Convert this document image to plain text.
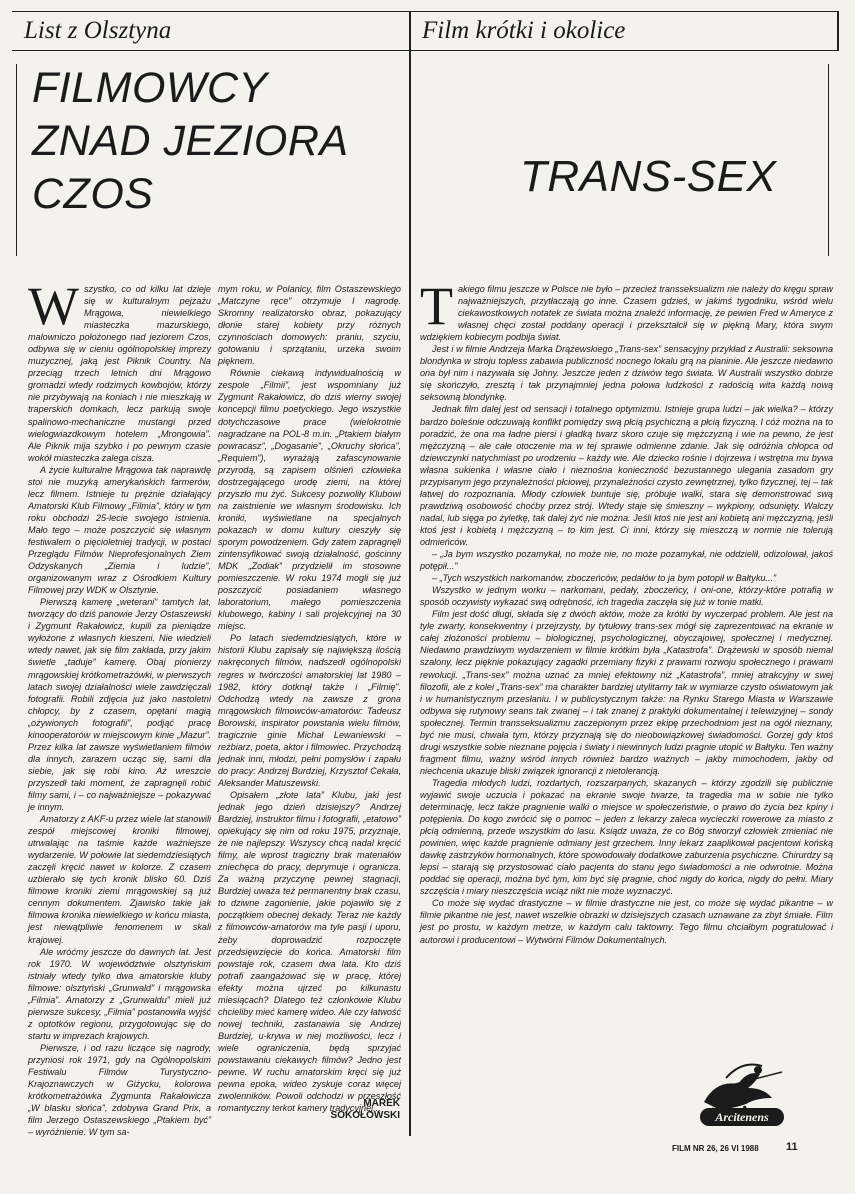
List z Olsztyna	Film krótki i okolice
FILMOWCY
ZNAD JEZIORA
CZOS	TRANS-SEX

Wszystko, co od kilku lat dzieje się w kulturalnym pejzażu Mrągowa, niewielkiego miasteczka mazurskiego, malowniczo położonego nad jeziorem Czos, odbywa się w cieniu ogólnopolskiej imprezy muzycznej, jaką jest Piknik Country. Na przeciąg trzech letnich dni Mrągowo gromadzi wtedy rodzimych kowbojów, którzy nie przybywają na koniach i nie mieszkają w traperskich domkach, lecz parkują swoje spalinowo-mechaniczne mustangi przed wielogwiazdkowym hotelem „Mrongowia”. Ale Piknik mija szybko i po pewnym czasie wokół miasteczka zalega cisza.

A życie kulturalne Mrągowa tak naprawdę stoi nie muzyką amerykańskich farmerów, lecz filmem. Istnieje tu prężnie działający Amatorski Klub Filmowy „Filmia”, który w tym roku obchodzi 25-lecie swojego istnienia. Mało tego – może poszczycić się własnym festiwalem o pięcioletniej tradycji, w postaci Przeglądu Filmów Nieprofesjonalnych Ziem Odzyskanych „Ziemia i ludzie”, organizowanym wraz z Ośrodkiem Kultury Filmowej przy WDK w Olsztynie.

Pierwszą kamerę „weterani” tamtych lat, tworzący do dziś panowie Jerzy Ostaszewski i Zygmunt Rakałowicz, kupili za pieniądze wyłożone z własnych kieszeni. Nie wiedzieli wtedy nawet, jak się film zakłada, przy jakim świetle „taduje” kamerę. Obaj pionierzy mrągowskiej krótkometrażówki, w pierwszych latach swojej działalności wiele zawdzięczali fotografii. Robili zdjęcia już jako nastoletni chłopcy, by z czasem, opętani magią „ożywionych fotografii”, podjąć pracę kinooperatorów w miejscowym kinie „Mazur”. Przez kilka lat zawsze wyświetlaniem filmów dla innych, zarazem ucząc się, sami dla siebie, jak się robi kino. Aż wreszcie przyszedł taki moment, że zapragnęli robić filmy sami, i – co najważniejsze – pokazywać je innym.

Amatorzy z AKF-u przez wiele lat stanowili zespół miejscowej kroniki filmowej, utrwalając na taśmie każde ważniejsze wydarzenie. W połowie lat siedemdziesiątych zaczęli kręcić nawet w kolorze. Z czasem uzbierało się tych kronik blisko 60. Dziś filmowe kroniki ziemi mrągowskiej są już cennym dokumentem. Zjawisko takie jak filmowa kronika niewielkiego w końcu miasta, jest niewątpliwie fenomenem w skali krajowej.

Ale wróćmy jeszcze do dawnych lat. Jest rok 1970. W województwie olsztyńskim istniały wtedy tylko dwa amatorskie kluby filmowe: olsztyński „Grunwald” i mrągowska „Filmia”. Amatorzy z „Grunwaldu” mieli już pierwsze sukcesy, „Filmia” postanowiła wyjść z optotków regionu, przygotowując się do startu w imprezach krajowych.

Pierwsze, i od razu liczące się nagrody, przyniosi rok 1971, gdy na Ogólnopolskim Festiwalu Filmów Turystyczno-Krajoznawczych w Giżycku, kolorowa krótkometrażówka Zygmunta Rakałowicza „W blasku słońca”, zdobywa Grand Prix, a film Jerzego Ostaszewskiego „Ptakiem być” – wyróżnienie. W tym sa-

mym roku, w Polanicy, film Ostaszewskiego „Matczyne ręce” otrzymuje I nagrodę. Skromny realizatorsko obraz, pokazujący dłonie starej kobiety przy różnych czynnościach domowych: praniu, szyciu, gotowaniu i sprzątaniu, urzeka swoim pięknem.

Równie ciekawą indywidualnością w zespole „Filmii”, jest wspomniany już Zygmunt Rakałowicz, do dziś wierny swojej koncepcji filmu poetyckiego. Jego wszystkie dotychczasowe prace (wielokrotnie nagradzane na POL-8 m.in. „Ptakiem białym powracasz”, „Dogasanie”, „Okruchy słońca”, „Requiem”), wyrażają zafascynowanie przyrodą, są zapisem olśnień człowieka dostrzegającego urodę ziemi, na której przyszło mu żyć. Sukcesy pozwoliły Klubowi na zaistnienie we własnym środowisku. Ich kroniki, wyświetlane na specjalnych pokazach w domu kultury cieszyły się sporym powodzeniem. Gdy zatem zapragnęli zintensyfikować swoją działalność, gościnny MDK „Zodiak” przydzielił im stosowne pomieszczenie. W roku 1974 mogli się już poszczycić posiadaniem własnego laboratorium, małego pomieszczenia klubowego, kabiny i sali projekcyjnej na 30 miejsc.

Po latach siedemdziesiątych, które w historii Klubu zapisały się największą ilością nakręconych filmów, nadszedł ogólnopolski regres w twórczości amatorskiej lat 1980 – 1982, który dotknął także i „Filmię”. Odchodzą wtedy na zawsze z grona mrągowskich filmowców-amatorów: Tadeusz Borowski, inspirator powstania wielu filmów, tragicznie ginie Michał Lewaniewski – reżbiarz, poeta, aktor i filmowiec. Przychodzą jednak inni, młodzi, pełni pomysłów i zapału do pracy: Andrzej Burdziej, Krzysztof Cekała, Aleksander Matuszewski.

Opisałem „złote lata” Klubu, jaki jest jednak jego dzień dzisiejszy? Andrzej Bardziej, instruktor filmu i fotografii, „etatowo” opiekujący się nim od roku 1975, przyznaje, że nie najlepszy. Wszyscy chcą nadal kręcić filmy, ale wprost tragiczny brak materiałów zniechęca do pracy, deprymuje i ogranicza. Za ważną przyczynę pewnej stagnacji, Burdziej uważa też permanentny brak czasu, to dziwne zagonienie, jakie pojawiło się z początkiem obecnej dekady. Teraz nie każdy z filmowców-amatorów ma tyle pasji i uporu, żeby doprowadzić rozpoczęte przedsięwzięcie do końca. Amatorski film powstaje rok, czasem dwa lata. Kto dziś potrafi zaangażować się w pracę, której efekty można ujrzeć po kilkunastu miesiącach? Dlatego też członkowie Klubu chcieliby mieć kamerę wideo. Ale czy łatwość nowej techniki, zastanawia się Andrzej Burdziej, u-krywa w niej możliwości, lecz i wiele ograniczenia, będą sprzyjać powstawaniu ciekawych filmów? Jedno jest pewne. W ruchu amatorskim kręci się już pewna epoka, wideo zyskuje coraz więcej zwolenników. Powoli odchodzi w przeszłość romantyczny terkot kamery tradycyjnej...

MAREK
SOKOŁOWSKI

Takiego filmu jeszcze w Polsce nie było – przecież transseksualizm nie należy do kręgu spraw najważniejszych, przytłaczają go inne. Czasem gdzieś, w jakimś tygodniku, wśród wielu ciekawostkowych notatek ze świata można znaleźć informację, że pewien Fred w Ameryce z własnej chęci został poddany operacji i przekształcił się w piękną Mary, która swym wdziękiem kobiecym podbija świat.

Jest i w filmie Andrzeja Marka Drążewskiego „Trans-sex” sensacyjny przykład z Australii: seksowna blondynka w stroju topless zabawia publiczność nocnego lokalu grą na pianinie. Ale jeszcze niedawno ona był nim i nazywała się Johny. Jeszcze jeden z dziwów tego świata. W Australii wszystko dobrze się skończyło, zresztą i tak przynajmniej jedna połowa ludzkości z radością wita każdą nową seksowną blondynkę.

Jednak film dalej jest od sensacji i totalnego optymizmu. Istnieje grupa ludzi – jak wielka? – którzy bardzo boleśnie odczuwają konflikt pomiędzy swą płcią psychiczną a płcią fizyczną. I cóż można na to poradzić, że ona ma ładne piersi i gładką twarz skoro czuje się mężczyzną i wie na pewno, że jest mężczyzną – ale całe otoczenie ma w tej sprawie odmienne zdanie. Jak się odróżnia chłopca od dziewczynki natychmiast po urodzeniu – każdy wie. Ale dziecko rośnie i dojrzewa i wstrętna mu bywa własna sukienka i własne ciało i nieznośna konieczność bezustannego ulegania zasadom gry przypisanym jego przynależności płciowej, przynależności czysto zewnętrznej, tylko fizycznej, tej – tak łatwej do rozpoznania. Młody człowiek buntuje się, próbuje walki, stara się demonstrować swą prawdziwą osobowość choćby przez strój. Wtedy staje się śmieszny – wykpiony, odsunięty. Walczy nadal, lub sięga po żyletkę, tak dalej żyć nie można. Jeśli ktoś nie jest ani kobietą ani mężczyzną, jeśli ktoś jest i kobietą i mężczyzną – to kim jest. Ci inni, którzy się mieszczą w normie nie tolerują odmieńców.

– „Ja bym wszystko pozamykał, no może nie, no może pozamykał, nie oddzielił, odizolował, jakoś potępił...”

– „Tych wszystkich narkomanów, zboczeńców, pedałów to ja bym potopił w Bałtyku...”

Wszystko w jednym worku – narkomani, pedały, zboczeńcy, i oni-one, którzy-które potrafią w sposób oczywisty wykazać swą odrębność, ich tragedia zaczęła się już w tonie matki.

Film jest dość długi, składa się z dwóch aktów, może za krótki by wyczerpać problem. Ale jest na tyle zwarty, konsekwentny i przejrzysty, by tytułowy trans-sex mógł się zaprezentować na ekranie w całej złożoności problemu – biologicznej, psychologicznej, obyczajowej, społecznej i medycznej. Niedawno prawdziwym wydarzeniem w filmie krótkim była „Katastrofa”. Drążewski w sposób niemal szalony, lecz pięknie pokazujący zagadki przemiany fizyki z prawami rozwoju społecznego i prawami rewolucji. „Trans-sex” można uznać za mniej efektowny niż „Katastrofa”, mniej atrakcyjny w swej filozofii, ale z kolei „Trans-sex” ma charakter bardziej utylitarny tak w wymiarze czysto oświatowym jak i w humanistycznym przesłaniu. I w publicystycznym także: na Rynku Starego Miasta w Warszawie odbywa się rutynowy seans tak zwanej – i tak znanej z praktyki dokumentalnej i telewizyjnej – sondy społecznej. Termin transseksualizmu zaczepionym przez ekipę przechodniom jest na ogół nieznany, być nie musi, chwała tym, którzy przyznają się do nieobowiązkowej świadomości. Gorzej gdy ktoś drugi wszystkie sobie nieznane pojęcia i światy i niewinnych ludzi pragnie utopić w Bałtyku. Ten ważny fragment filmu, ważny wśród innych również bardzo ważnych – jakby mimochodem, jakby od niechcenia ukazuje bliski związek ignorancji z nietolerancją.

Tragedia młodych ludzi, rozdartych, rozszarpanych, skazanych – którzy zgodzili się publicznie wyjawić swoje uczucia i pokazać na ekranie swoje twarze, ta tragedia ma w sobie nie tylko determinację, lecz także pragnienie walki o miejsce w społeczeństwie, o prawo do życia bez kpiny i potępienia. Do kogo zwrócić się o pomoc – jeden z lekarzy zaleca wycieczki rowerowe za miasto z płcią odmienną, przede wszystkim do lasu. Ksiądz uważa, że co Bóg stworzył człowiek zmieniać nie powinien, więc każde pragnienie odmiany jest grzechem. Inny lekarz zaaplikował pacjentowi końską dawkę zastrzyków hormonalnych, które spowodowały dodatkowe zaburzenia psychiczne. Chirurdzy są lepsi – starają się przystosować ciało pacjenta do stanu jego świadomości a nie odwrotnie. Można poddać się operacji, można być tym, kim być się pragnie, choć nigdy do końca, nigdy do pełni. Miary szczęścia i miary nieszczęścia wciąż nikt nie może wyznaczyć.

Co może się wydać drastyczne – w filmie drastyczne nie jest, co może się wydać pikantne – w filmie pikantne nie jest, nawet wszelkie obrazki w dzisiejszych czasach uznawane za zbyt śmiałe. Film jest po prostu, w każdym metrze, w każdym calu taktowny. Tego filmu chciałbym pogratulować i autorowi i producentowi – Wytwórni Filmów Dokumentalnych.

Arcitenens
FILM NR 26, 26 VI 1988 11
